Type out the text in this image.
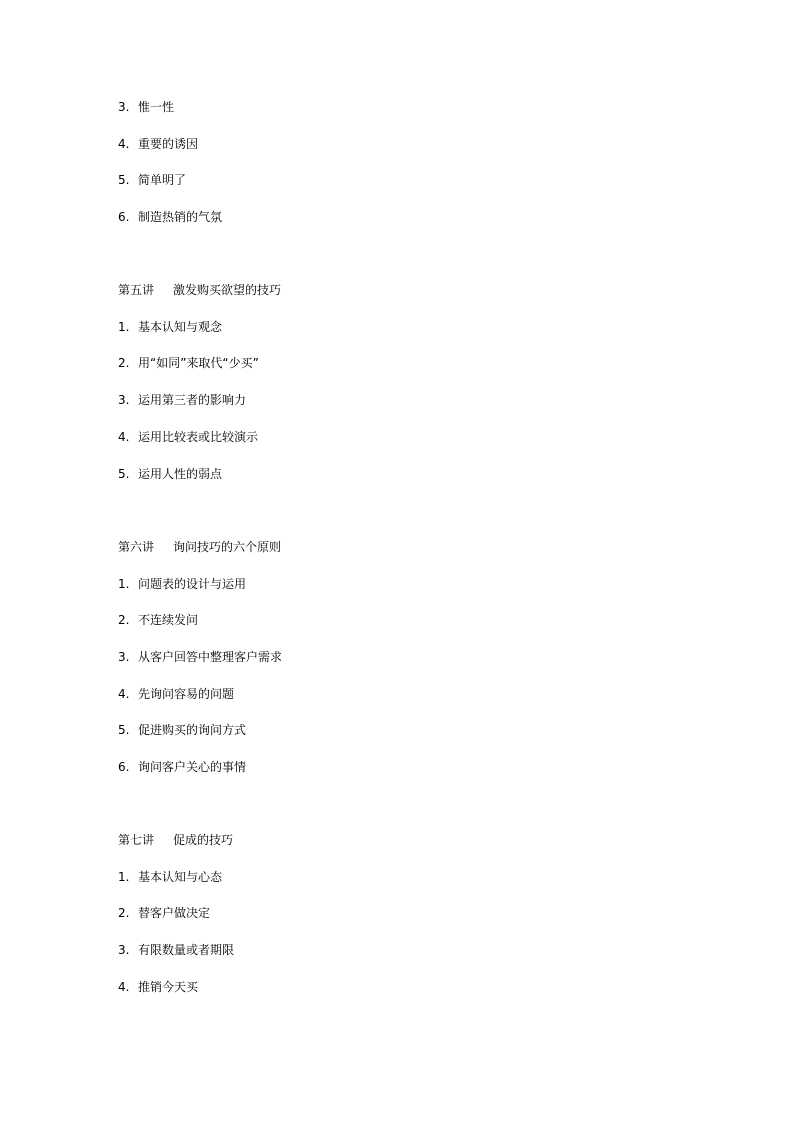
3. 惟一性
4. 重要的诱因
5. 简单明了
6. 制造热销的气氛
第五讲 激发购买欲望的技巧
1. 基本认知与观念
2. 用“如同”来取代“少买”
3. 运用第三者的影响力
4. 运用比较表或比较演示
5. 运用人性的弱点
第六讲 询问技巧的六个原则
1. 问题表的设计与运用
2. 不连续发问
3. 从客户回答中整理客户需求
4. 先询问容易的问题
5. 促进购买的询问方式
6. 询问客户关心的事情
第七讲 促成的技巧
1. 基本认知与心态
2. 替客户做决定
3. 有限数量或者期限
4. 推销今天买
